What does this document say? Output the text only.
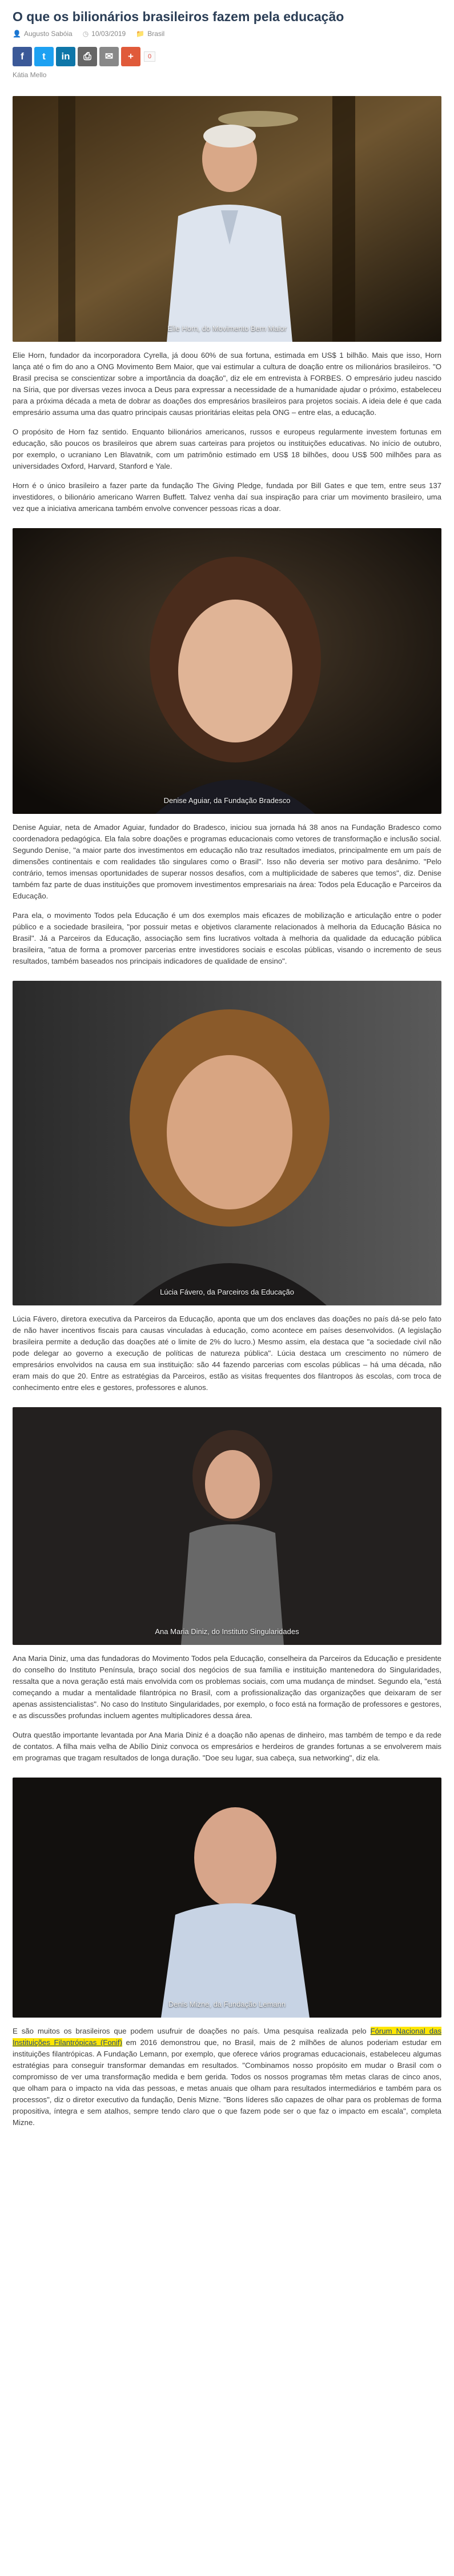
O que os bilionários brasileiros fazem pela educação
👤 Augusto Sabóia ◷ 10/03/2019 📁 Brasil
f	t	in	⎙	✉	+	0
Kátia Mello
Elie Horn, do Movimento Bem Maior

Elie Horn, fundador da incorporadora Cyrella, já doou 60% de sua fortuna, estimada em US$ 1 bilhão. Mais que isso, Horn lança até o fim do ano a ONG Movimento Bem Maior, que vai estimular a cultura de doação entre os milionários brasileiros. "O Brasil precisa se conscientizar sobre a importância da doação", diz ele em entrevista à FORBES. O empresário judeu nascido na Síria, que por diversas vezes invoca a Deus para expressar a necessidade de a humanidade ajudar o próximo, estabeleceu para a próxima década a meta de dobrar as doações dos empresários brasileiros para projetos sociais. A ideia dele é que cada empresário assuma uma das quatro principais causas prioritárias eleitas pela ONG – entre elas, a educação.

O propósito de Horn faz sentido. Enquanto bilionários americanos, russos e europeus regularmente investem fortunas em educação, são poucos os brasileiros que abrem suas carteiras para projetos ou instituições educativas. No início de outubro, por exemplo, o ucraniano Len Blavatnik, com um patrimônio estimado em US$ 18 bilhões, doou US$ 500 milhões para as universidades Oxford, Harvard, Stanford e Yale.

Horn é o único brasileiro a fazer parte da fundação The Giving Pledge, fundada por Bill Gates e que tem, entre seus 137 investidores, o bilionário americano Warren Buffett. Talvez venha daí sua inspiração para criar um movimento brasileiro, uma vez que a iniciativa americana também envolve convencer pessoas ricas a doar.

Denise Aguiar, da Fundação Bradesco

Denise Aguiar, neta de Amador Aguiar, fundador do Bradesco, iniciou sua jornada há 38 anos na Fundação Bradesco como coordenadora pedagógica. Ela fala sobre doações e programas educacionais como vetores de transformação e inclusão social. Segundo Denise, "a maior parte dos investimentos em educação não traz resultados imediatos, principalmente em um país de dimensões continentais e com realidades tão singulares como o Brasil". Isso não deveria ser motivo para desânimo. "Pelo contrário, temos imensas oportunidades de superar nossos desafios, com a multiplicidade de saberes que temos", diz. Denise também faz parte de duas instituições que promovem investimentos empresariais na área: Todos pela Educação e Parceiros da Educação.

Para ela, o movimento Todos pela Educação é um dos exemplos mais eficazes de mobilização e articulação entre o poder público e a sociedade brasileira, "por possuir metas e objetivos claramente relacionados à melhoria da Educação Básica no Brasil". Já a Parceiros da Educação, associação sem fins lucrativos voltada à melhoria da qualidade da educação pública brasileira, "atua de forma a promover parcerias entre investidores sociais e escolas públicas, visando o incremento de seus resultados, também baseados nos principais indicadores de qualidade de ensino".

Lúcia Fávero, da Parceiros da Educação

Lúcia Fávero, diretora executiva da Parceiros da Educação, aponta que um dos enclaves das doações no país dá-se pelo fato de não haver incentivos fiscais para causas vinculadas à educação, como acontece em países desenvolvidos. (A legislação brasileira permite a dedução das doações até o limite de 2% do lucro.) Mesmo assim, ela destaca que "a sociedade civil não pode delegar ao governo a execução de políticas de natureza pública". Lúcia destaca um crescimento no número de empresários envolvidos na causa em sua instituição: são 44 fazendo parcerias com escolas públicas – há uma década, não eram mais do que 20. Entre as estratégias da Parceiros, estão as visitas frequentes dos filantropos às escolas, com troca de conhecimento entre eles e gestores, professores e alunos.

Ana Maria Diniz, do Instituto Singularidades

Ana Maria Diniz, uma das fundadoras do Movimento Todos pela Educação, conselheira da Parceiros da Educação e presidente do conselho do Instituto Península, braço social dos negócios de sua família e instituição mantenedora do Singularidades, ressalta que a nova geração está mais envolvida com os problemas sociais, com uma mudança de mindset. Segundo ela, "está começando a mudar a mentalidade filantrópica no Brasil, com a profissionalização das organizações que deixaram de ser apenas assistencialistas". No caso do Instituto Singularidades, por exemplo, o foco está na formação de professores e gestores, e as discussões profundas incluem agentes multiplicadores dessa área.

Outra questão importante levantada por Ana Maria Diniz é a doação não apenas de dinheiro, mas também de tempo e da rede de contatos. A filha mais velha de Abílio Diniz convoca os empresários e herdeiros de grandes fortunas a se envolverem mais em programas que tragam resultados de longa duração. "Doe seu lugar, sua cabeça, sua networking", diz ela.

Denis Mizne, da Fundação Lemann

E são muitos os brasileiros que podem usufruir de doações no país. Uma pesquisa realizada pelo Fórum Nacional das Instituições Filantrópicas (Fonif) em 2016 demonstrou que, no Brasil, mais de 2 milhões de alunos poderiam estudar em instituições filantrópicas. A Fundação Lemann, por exemplo, que oferece vários programas educacionais, estabeleceu algumas estratégias para conseguir transformar demandas em resultados. "Combinamos nosso propósito em mudar o Brasil com o compromisso de ver uma transformação medida e bem gerida. Todos os nossos programas têm metas claras de cinco anos, que olham para o impacto na vida das pessoas, e metas anuais que olham para resultados intermediários e também para os processos", diz o diretor executivo da fundação, Denis Mizne. "Bons líderes são capazes de olhar para os problemas de forma propositiva, íntegra e sem atalhos, sempre tendo claro que o que fazem pode ser o que faz o impacto em escala", completa Mizne.
